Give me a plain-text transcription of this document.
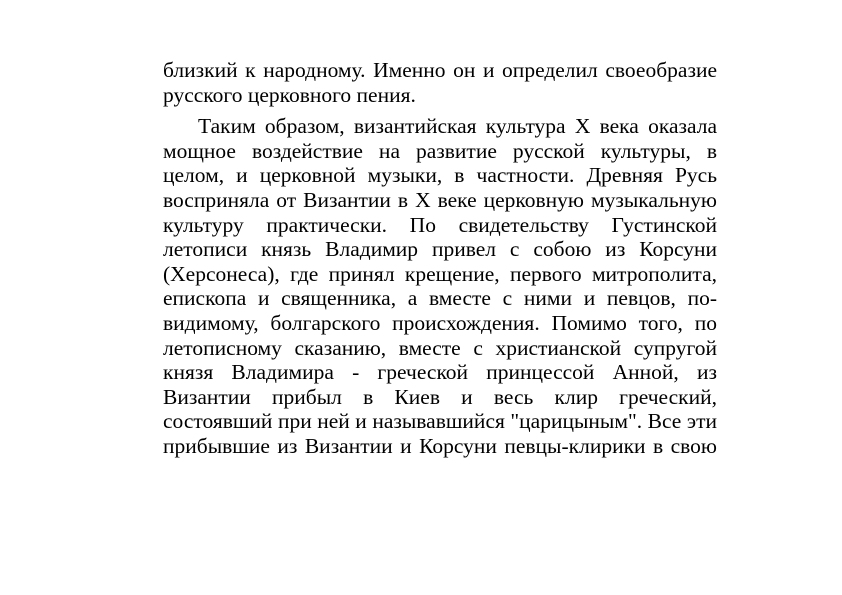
близкий к народному. Именно он и определил своеобразие
русского церковного пения.
Таким образом, византийская культура X века оказала
мощное воздействие на развитие русской культуры, в
целом, и церковной музыки, в частности. Древняя Русь
восприняла от Византии в X веке церковную музыкальную
культуру практически. По свидетельству Густинской
летописи князь Владимир привел с собою из Корсуни
(Херсонеса), где принял крещение, первого митрополита,
епископа и священника, а вместе с ними и певцов, по-
видимому, болгарского происхождения. Помимо того, по
летописному сказанию, вместе с христианской супругой
князя Владимира - греческой принцессой Анной, из
Византии прибыл в Киев и весь клир греческий,
состоявший при ней и называвшийся "царицыным". Все эти
прибывшие из Византии и Корсуни певцы-клирики в свою
